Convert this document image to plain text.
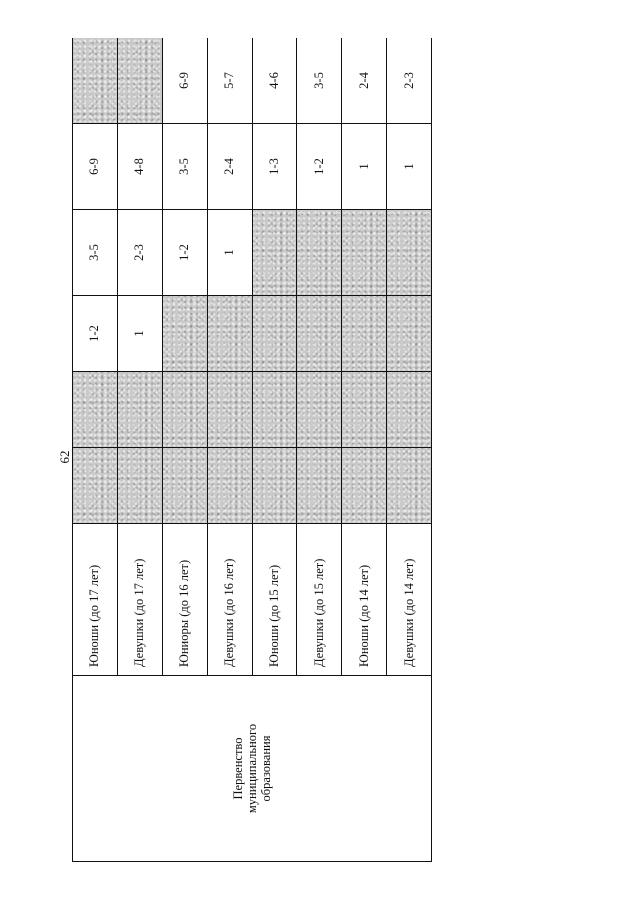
62
Первенство муниципального образования	Юноши (до 17 лет)			1-2	3-5	6-9	
	Девушки (до 17 лет)			1	2-3	4-8	
	Юниоры (до 16 лет)				1-2	3-5	6-9
	Девушки (до 16 лет)				1	2-4	5-7
	Юноши (до 15 лет)					1-3	4-6
	Девушки (до 15 лет)					1-2	3-5
	Юноши (до 14 лет)					1	2-4
	Девушки (до 14 лет)					1	2-3
